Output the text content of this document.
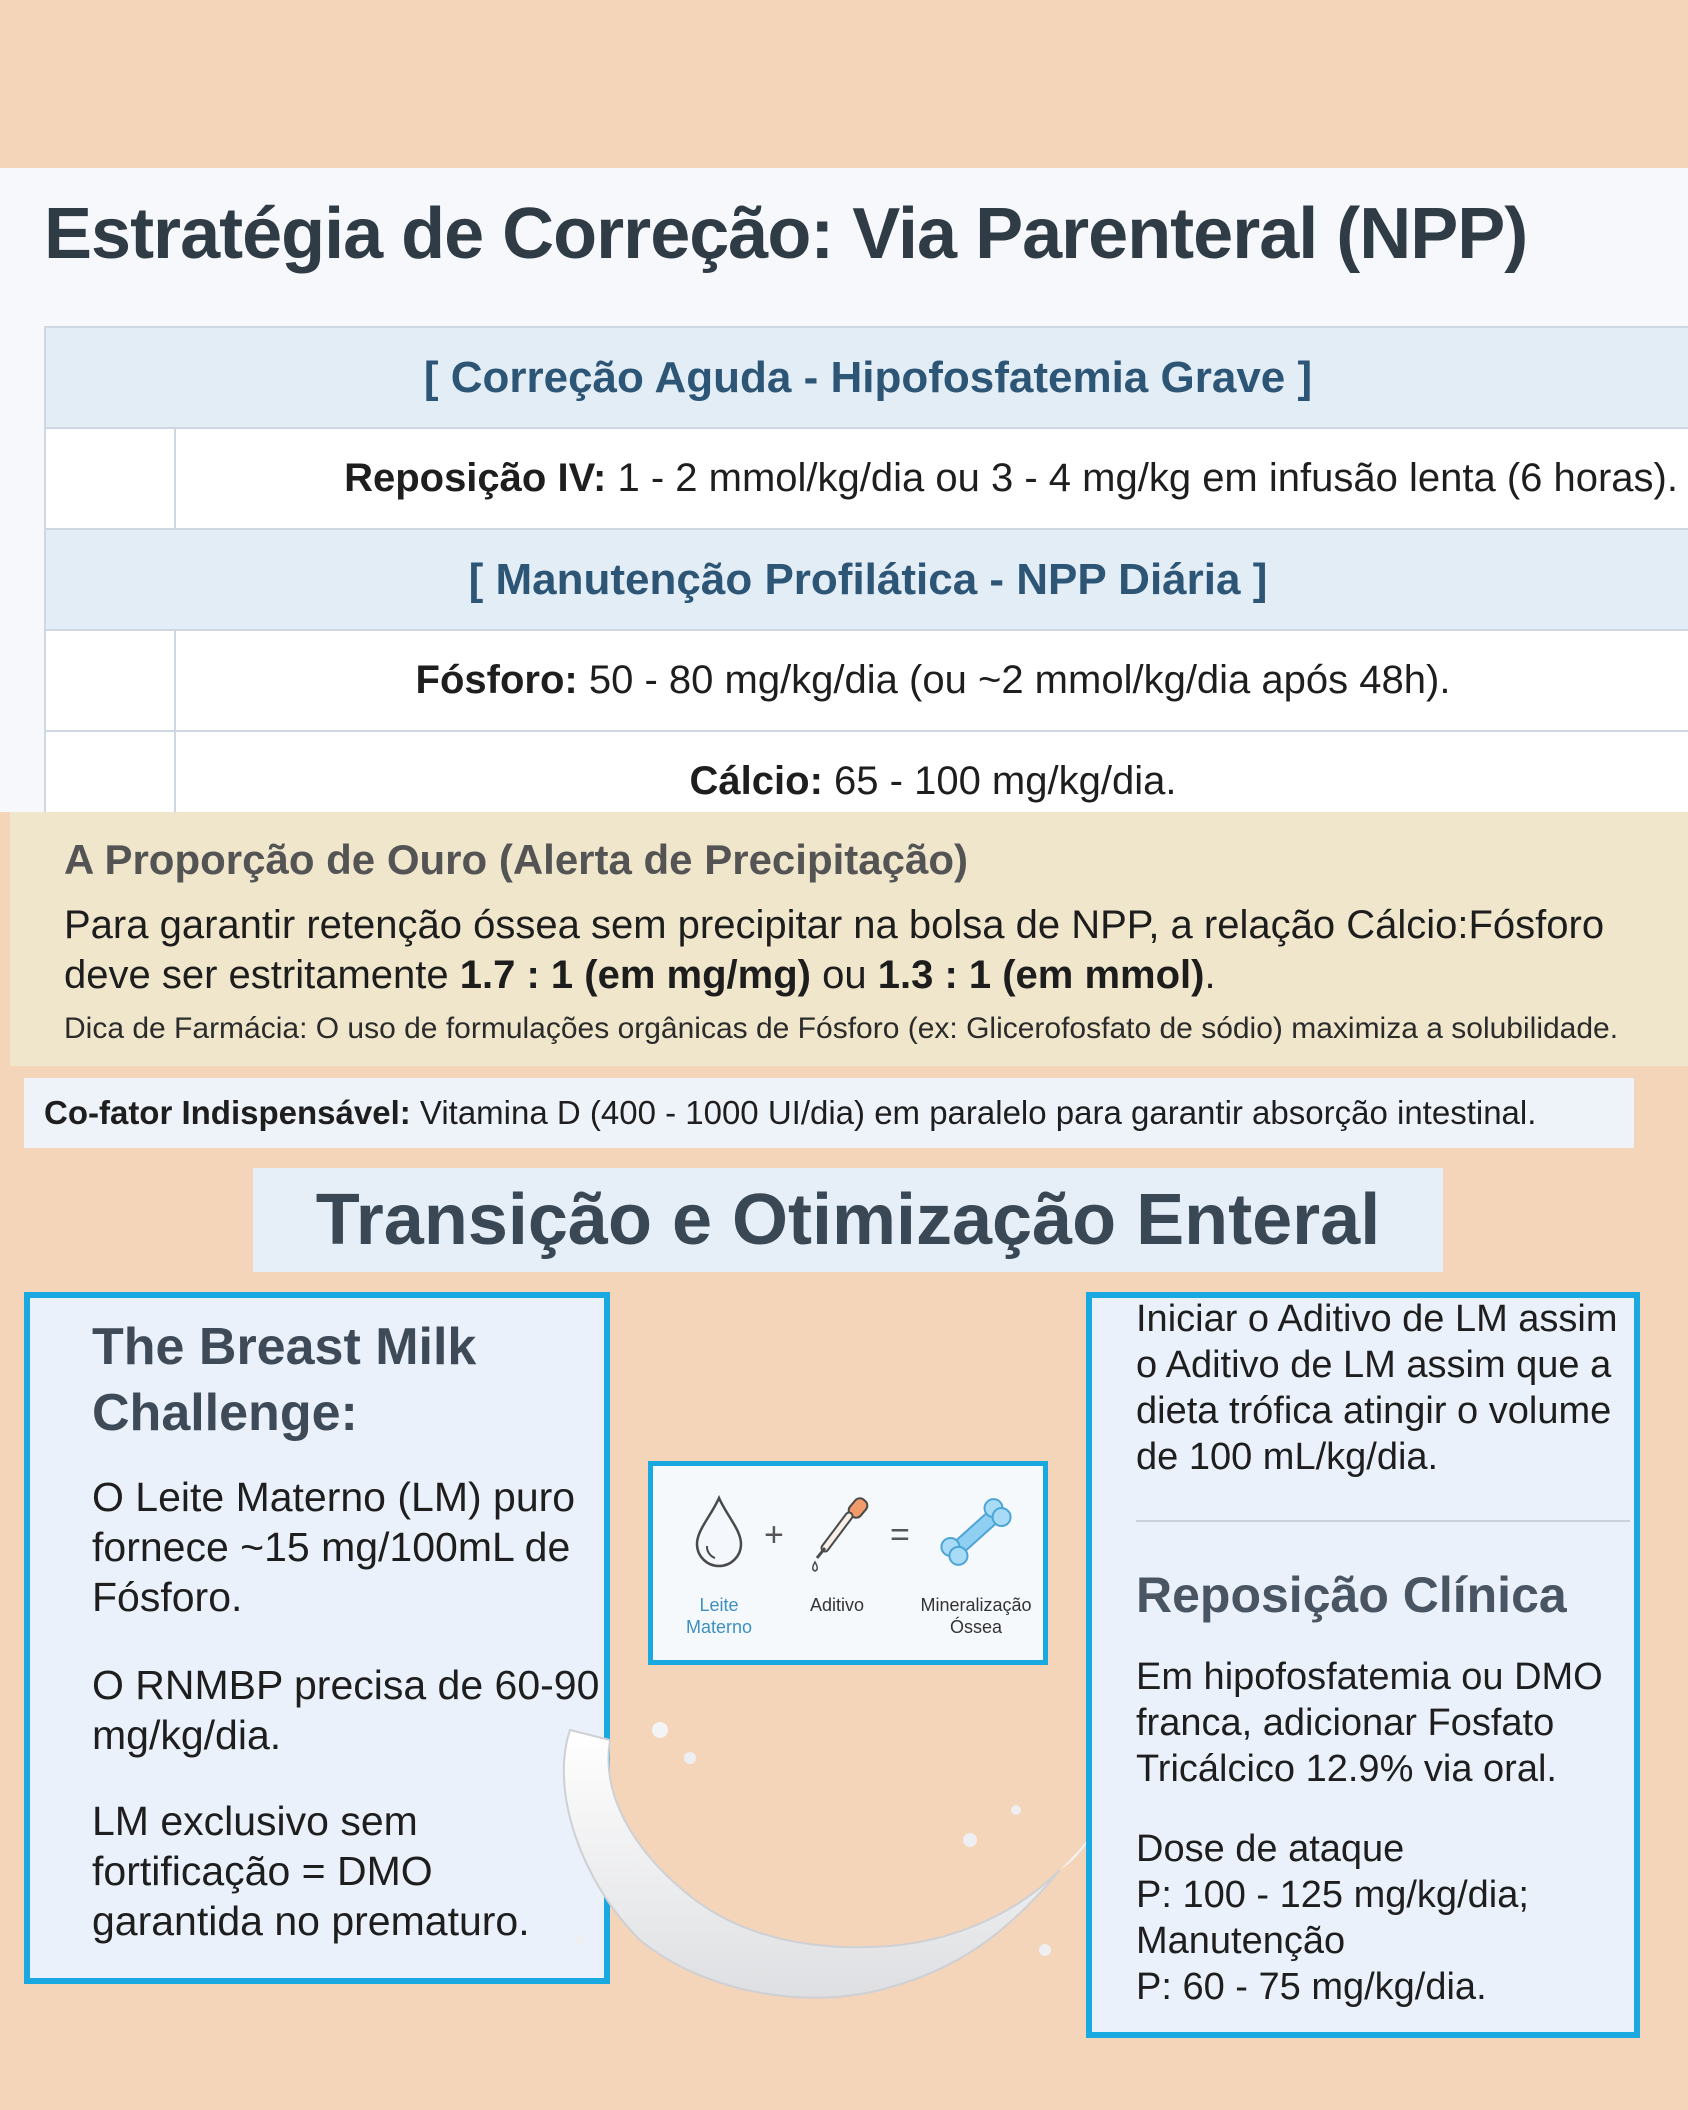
Estratégia de Correção: Via Parenteral (NPP)
[ Correção Aguda - Hipofosfatemia Grave ]
Reposição IV:
1 - 2 mmol/kg/dia ou 3 - 4 mg/kg em infusão lenta (6 horas).
[ Manutenção Profilática - NPP Diária ]
Fósforo:
50 - 80 mg/kg/dia (ou ~2 mmol/kg/dia após 48h).
Cálcio:
65 - 100 mg/kg/dia.
A Proporção de Ouro (Alerta de Precipitação)
Para garantir retenção óssea sem precipitar na bolsa de NPP, a relação Cálcio:Fósforo deve ser estritamente 1.7 : 1 (em mg/mg) ou 1.3 : 1 (em mmol).
Dica de Farmácia: O uso de formulações orgânicas de Fósforo (ex: Glicerofosfato de sódio) maximiza a solubilidade.
Co-fator Indispensável:
Vitamina D (400 - 1000 UI/dia) em paralelo para garantir absorção intestinal.
Transição e Otimização Enteral
The Breast Milk Challenge:
O Leite Materno (LM) puro fornece ~15 mg/100mL de Fósforo.
O RNMBP precisa de 60-90 mg/kg/dia.
LM exclusivo sem fortificação = DMO garantida no prematuro.
+	=
Leite Materno
Aditivo	Mineralização Óssea
Iniciar o Aditivo de LM assim o Aditivo de LM assim que a dieta trófica atingir o volume de 100 mL/kg/dia.
Reposição Clínica
Em hipofosfatemia ou DMO franca, adicionar Fosfato Tricálcico 12.9% via oral.
Dose de ataque
P: 100 - 125 mg/kg/dia;
Manutenção
P: 60 - 75 mg/kg/dia.
